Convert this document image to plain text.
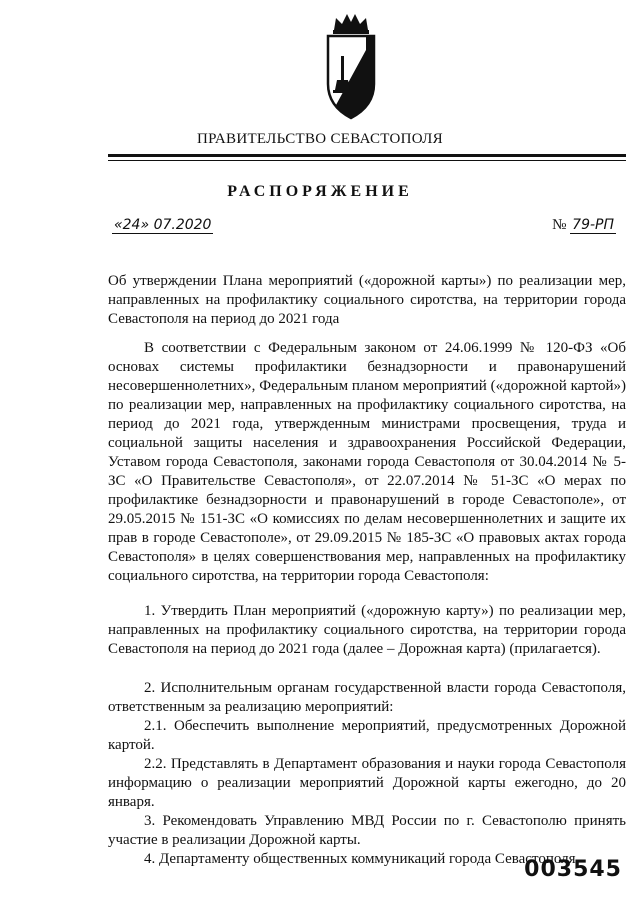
ПРАВИТЕЛЬСТВО СЕВАСТОПОЛЯ
РАСПОРЯЖЕНИЕ
«24» 07.2020	№ 79-РП
Об утверждении Плана мероприятий («дорожной карты») по реализации мер, направленных на профилактику социального сиротства, на территории города Севастополя на период до 2021 года
В соответствии с Федеральным законом от 24.06.1999 № 120-ФЗ «Об основах системы профилактики безнадзорности и правонарушений несовершеннолетних», Федеральным планом мероприятий («дорожной картой») по реализации мер, направленных на профилактику социального сиротства, на период до 2021 года, утвержденным министрами просвещения, труда и социальной защиты населения и здравоохранения Российской Федерации, Уставом города Севастополя, законами города Севастополя от 30.04.2014 № 5-ЗС «О Правительстве Севастополя», от 22.07.2014 № 51-ЗС «О мерах по профилактике безнадзорности и правонарушений в городе Севастополе», от 29.05.2015 № 151-ЗС «О комиссиях по делам несовершеннолетних и защите их прав в городе Севастополе», от 29.09.2015 № 185-ЗС «О правовых актах города Севастополя» в целях совершенствования мер, направленных на профилактику социального сиротства, на территории города Севастополя:
1. Утвердить План мероприятий («дорожную карту») по реализации мер, направленных на профилактику социального сиротства, на территории города Севастополя на период до 2021 года (далее – Дорожная карта) (прилагается).
2. Исполнительным органам государственной власти города Севастополя, ответственным за реализацию мероприятий:
2.1. Обеспечить выполнение мероприятий, предусмотренных Дорожной картой.
2.2. Представлять в Департамент образования и науки города Севастополя информацию о реализации мероприятий Дорожной карты ежегодно, до 20 января.
3. Рекомендовать Управлению МВД России по г. Севастополю принять участие в реализации Дорожной карты.
4. Департаменту общественных коммуникаций города Севастополя
003545
